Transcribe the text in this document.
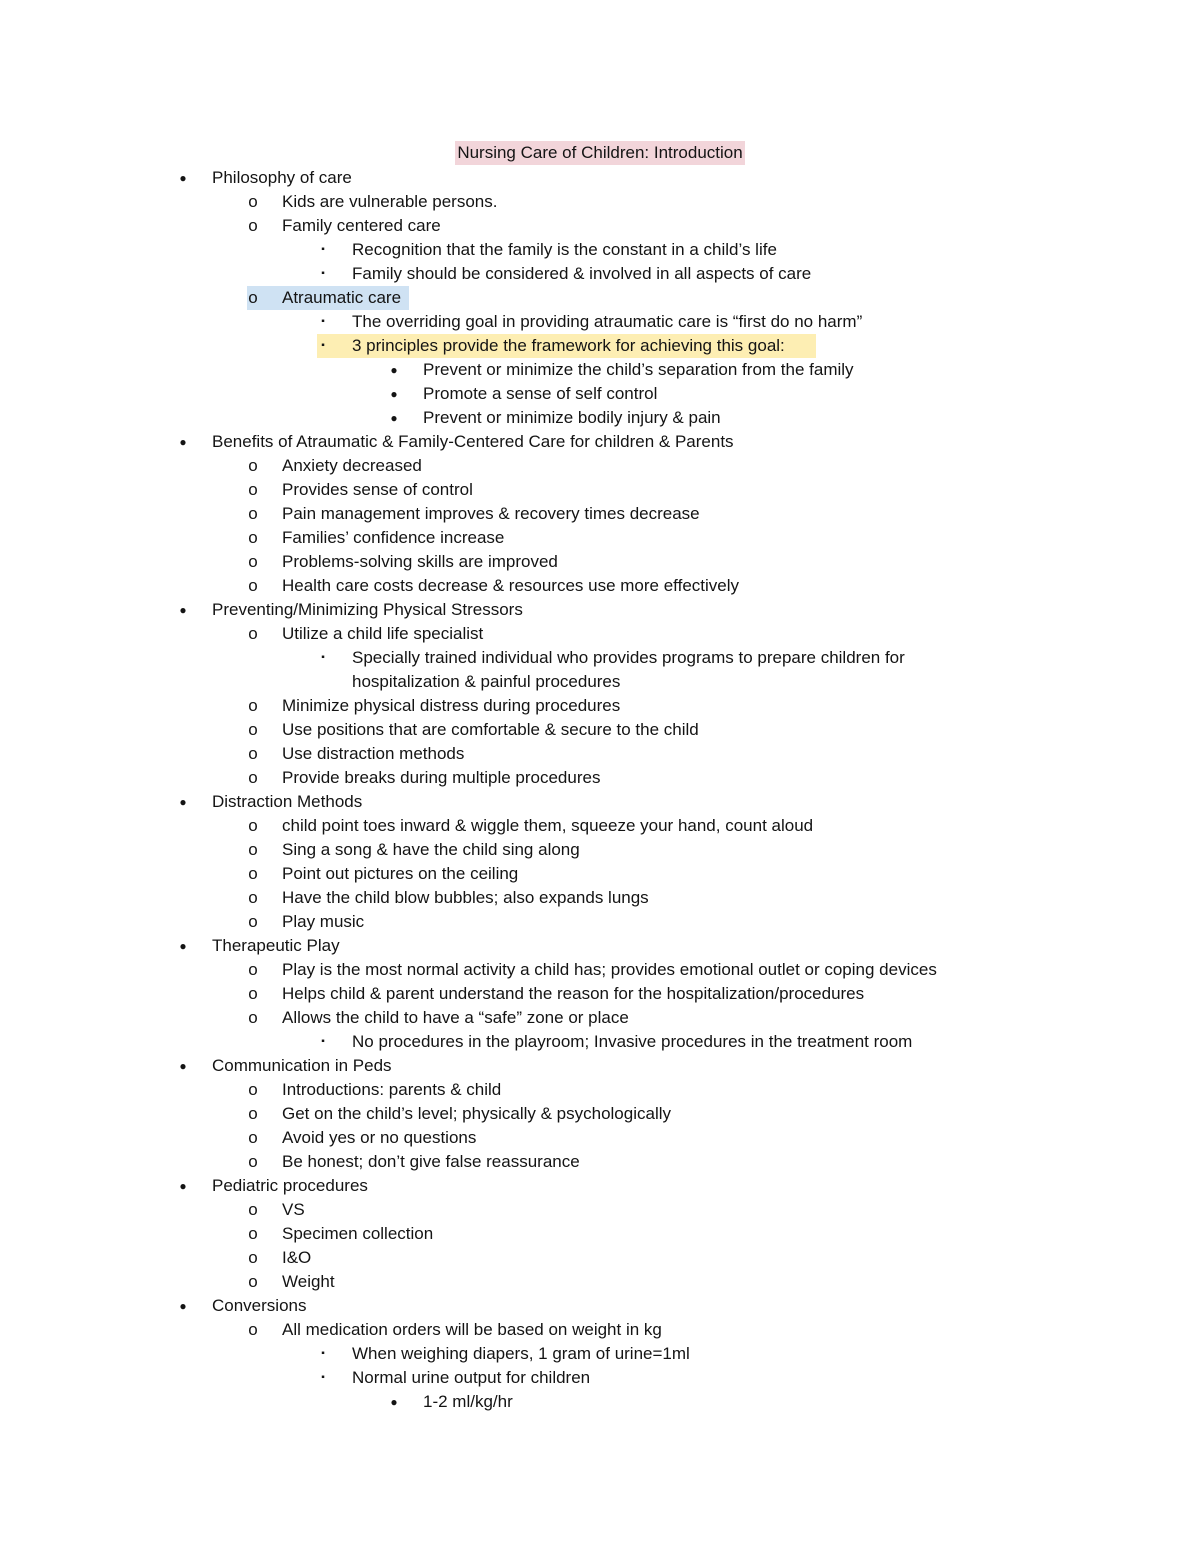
Nursing Care of Children: Introduction
●	Philosophy of care
o	Kids are vulnerable persons.
o	Family centered care
▪	Recognition that the family is the constant in a child’s life
▪	Family should be considered & involved in all aspects of care
o	Atraumatic care
▪	The overriding goal in providing atraumatic care is “first do no harm”
▪	3 principles provide the framework for achieving this goal:
●	Prevent or minimize the child’s separation from the family
●	Promote a sense of self control
●	Prevent or minimize bodily injury & pain
●	Benefits of Atraumatic & Family-Centered Care for children & Parents
o	Anxiety decreased
o	Provides sense of control
o	Pain management improves & recovery times decrease
o	Families’ confidence increase
o	Problems-solving skills are improved
o	Health care costs decrease & resources use more effectively
●	Preventing/Minimizing Physical Stressors
o	Utilize a child life specialist
▪	Specially trained individual who provides programs to prepare children for hospitalization & painful procedures
o	Minimize physical distress during procedures
o	Use positions that are comfortable & secure to the child
o	Use distraction methods
o	Provide breaks during multiple procedures
●	Distraction Methods
o	child point toes inward & wiggle them, squeeze your hand, count aloud
o	Sing a song & have the child sing along
o	Point out pictures on the ceiling
o	Have the child blow bubbles; also expands lungs
o	Play music
●	Therapeutic Play
o	Play is the most normal activity a child has; provides emotional outlet or coping devices
o	Helps child & parent understand the reason for the hospitalization/procedures
o	Allows the child to have a “safe” zone or place
▪	No procedures in the playroom; Invasive procedures in the treatment room
●	Communication in Peds
o	Introductions: parents & child
o	Get on the child’s level; physically & psychologically
o	Avoid yes or no questions
o	Be honest; don’t give false reassurance
●	Pediatric procedures
o	VS
o	Specimen collection
o	I&O
o	Weight
●	Conversions
o	All medication orders will be based on weight in kg
▪	When weighing diapers, 1 gram of urine=1ml
▪	Normal urine output for children
●	1-2 ml/kg/hr
